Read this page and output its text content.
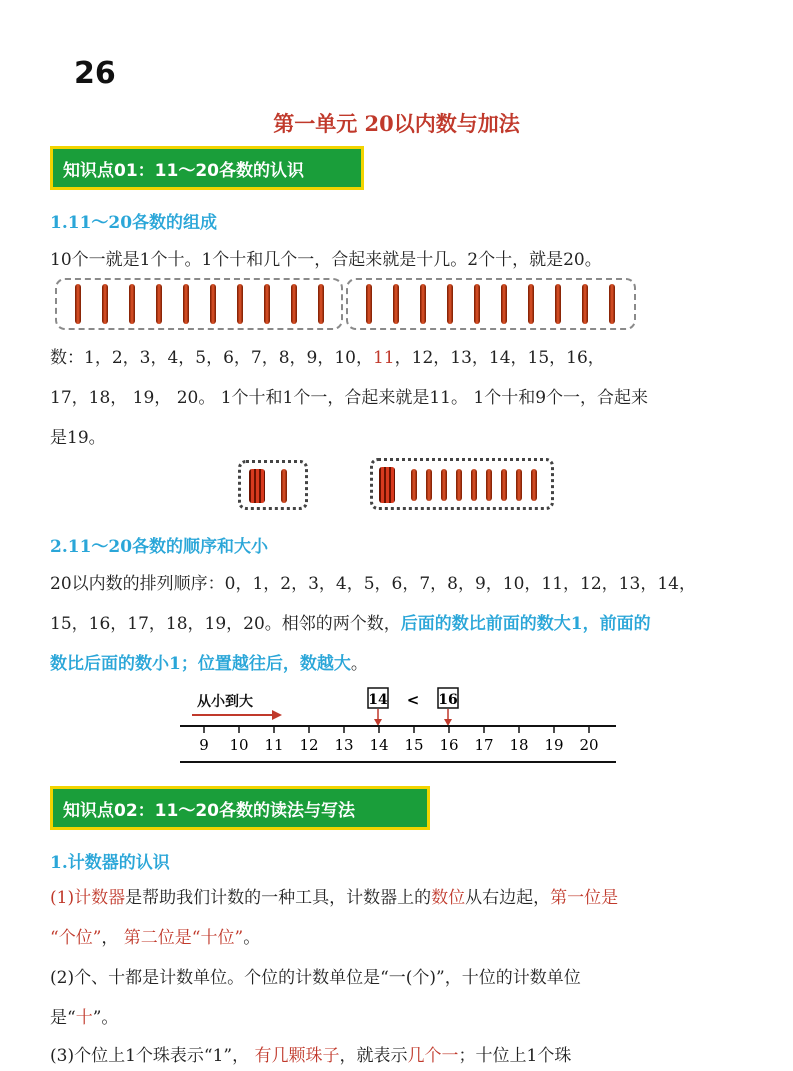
26
第一单元 20以内数与加法
知识点01：11～20各数的认识
1.11～20各数的组成
10个一就是1个十。1个十和几个一，合起来就是十几。2个十，就是20。
数：1，2，3，4，5，6，7，8，9，10，11，12，13，14，15，16，
17，18， 19， 20。 1个十和1个一，合起来就是11。 1个十和9个一，合起来
是19。
2.11～20各数的顺序和大小
20以内数的排列顺序：0，1，2，3，4，5，6，7，8，9，10，11，12，13，14，
15，16，17，18，19，20。相邻的两个数，后面的数比前面的数大1，前面的
数比后面的数小1；位置越往后，数越大。
从小到大	14 < 16
9 10 11 12 13 14 15 16 17 18 19 20
知识点02：11～20各数的读法与写法
1.计数器的认识
(1)计数器是帮助我们计数的一种工具，计数器上的数位从右边起，第一位是
“个位”， 第二位是“十位”。
(2)个、十都是计数单位。个位的计数单位是“一(个)”，十位的计数单位
是“十”。
(3)个位上1个珠表示“1”， 有几颗珠子，就表示几个一；十位上1个珠
